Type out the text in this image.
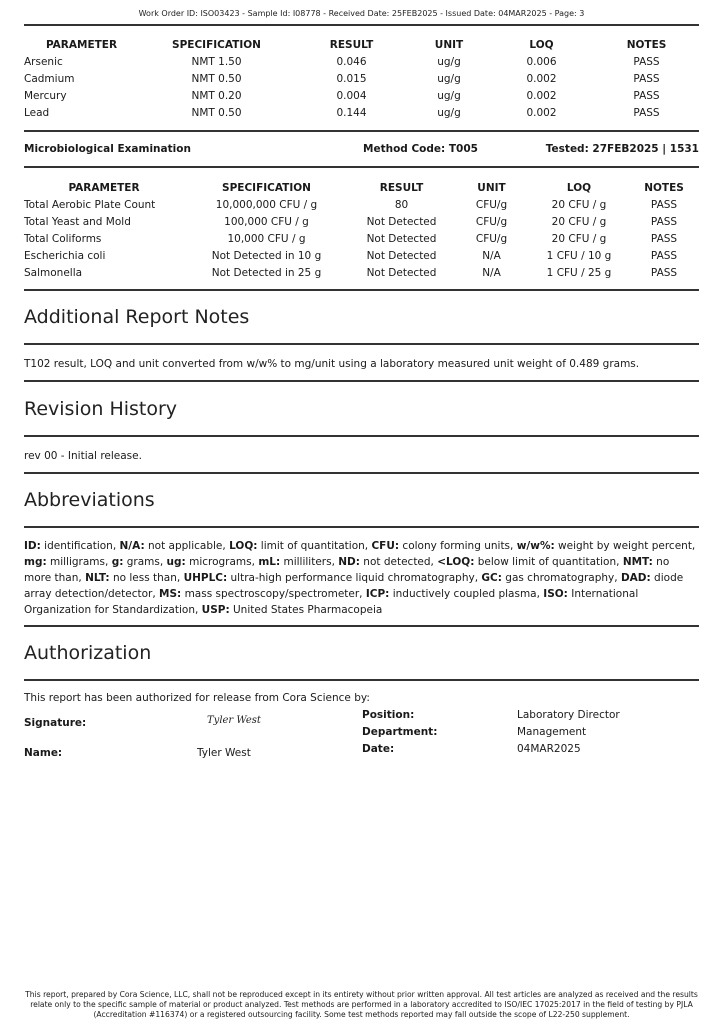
Work Order ID: ISO03423 - Sample Id: I08778 - Received Date: 25FEB2025 - Issued Date: 04MAR2025 - Page: 3
PARAMETER	SPECIFICATION	RESULT	UNIT	LOQ	NOTES
Arsenic	NMT 1.50	0.046	ug/g	0.006	PASS
Cadmium	NMT 0.50	0.015	ug/g	0.002	PASS
Mercury	NMT 0.20	0.004	ug/g	0.002	PASS
Lead	NMT 0.50	0.144	ug/g	0.002	PASS
Microbiological Examination	Method Code: T005	Tested: 27FEB2025 | 1531
PARAMETER	SPECIFICATION	RESULT	UNIT	LOQ	NOTES
Total Aerobic Plate Count	10,000,000 CFU / g	80	CFU/g	20 CFU / g	PASS
Total Yeast and Mold	100,000 CFU / g	Not Detected	CFU/g	20 CFU / g	PASS
Total Coliforms	10,000 CFU / g	Not Detected	CFU/g	20 CFU / g	PASS
Escherichia coli	Not Detected in 10 g	Not Detected	N/A	1 CFU / 10 g	PASS
Salmonella	Not Detected in 25 g	Not Detected	N/A	1 CFU / 25 g	PASS
Additional Report Notes
T102 result, LOQ and unit converted from w/w% to mg/unit using a laboratory measured unit weight of 0.489 grams.
Revision History
rev 00 - Initial release.
Abbreviations
ID: identification, N/A: not applicable, LOQ: limit of quantitation, CFU: colony forming units, w/w%: weight by weight percent, mg: milligrams, g: grams, ug: micrograms, mL: milliliters, ND: not detected, <LOQ: below limit of quantitation, NMT: no more than, NLT: no less than, UHPLC: ultra-high performance liquid chromatography, GC: gas chromatography, DAD: diode array detection/detector, MS: mass spectroscopy/spectrometer, ICP: inductively coupled plasma, ISO: International Organization for Standardization, USP: United States Pharmacopeia
Authorization
This report has been authorized for release from Cora Science by:
Signature:	Tyler West
Name:	Tyler West
Position:	Laboratory Director
Department:	Management
Date:	04MAR2025
This report, prepared by Cora Science, LLC, shall not be reproduced except in its entirety without prior written approval. All test articles are analyzed as received and the results relate only to the specific sample of material or product analyzed. Test methods are performed in a laboratory accredited to ISO/IEC 17025:2017 in the field of testing by PJLA (Accreditation #116374) or a registered outsourcing facility. Some test methods reported may fall outside the scope of L22-250 supplement.
